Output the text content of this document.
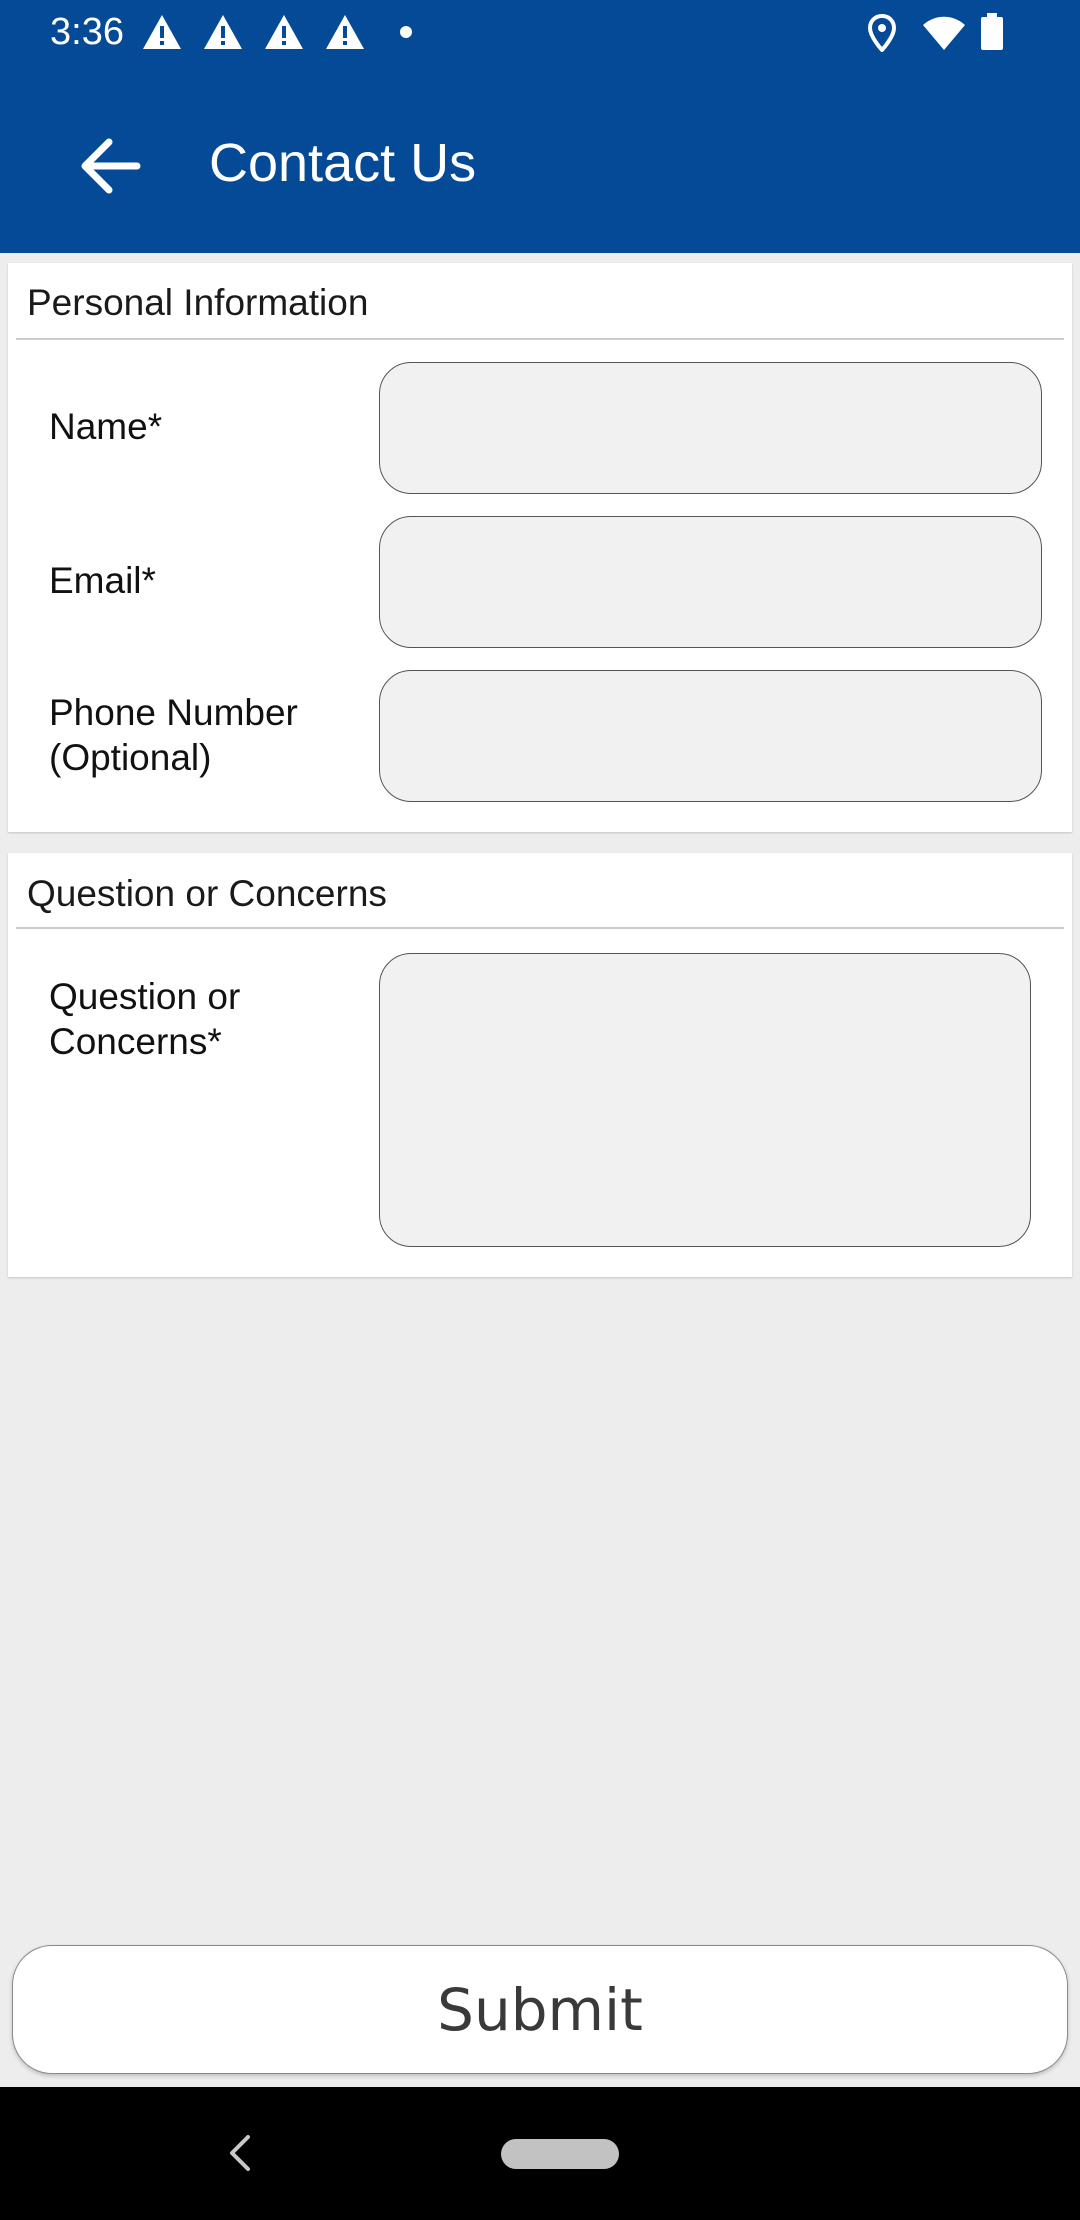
3:36
Contact Us
Personal Information
Name*
Email*
Phone Number
(Optional)
Question or Concerns
Question or
Concerns*
Submit
